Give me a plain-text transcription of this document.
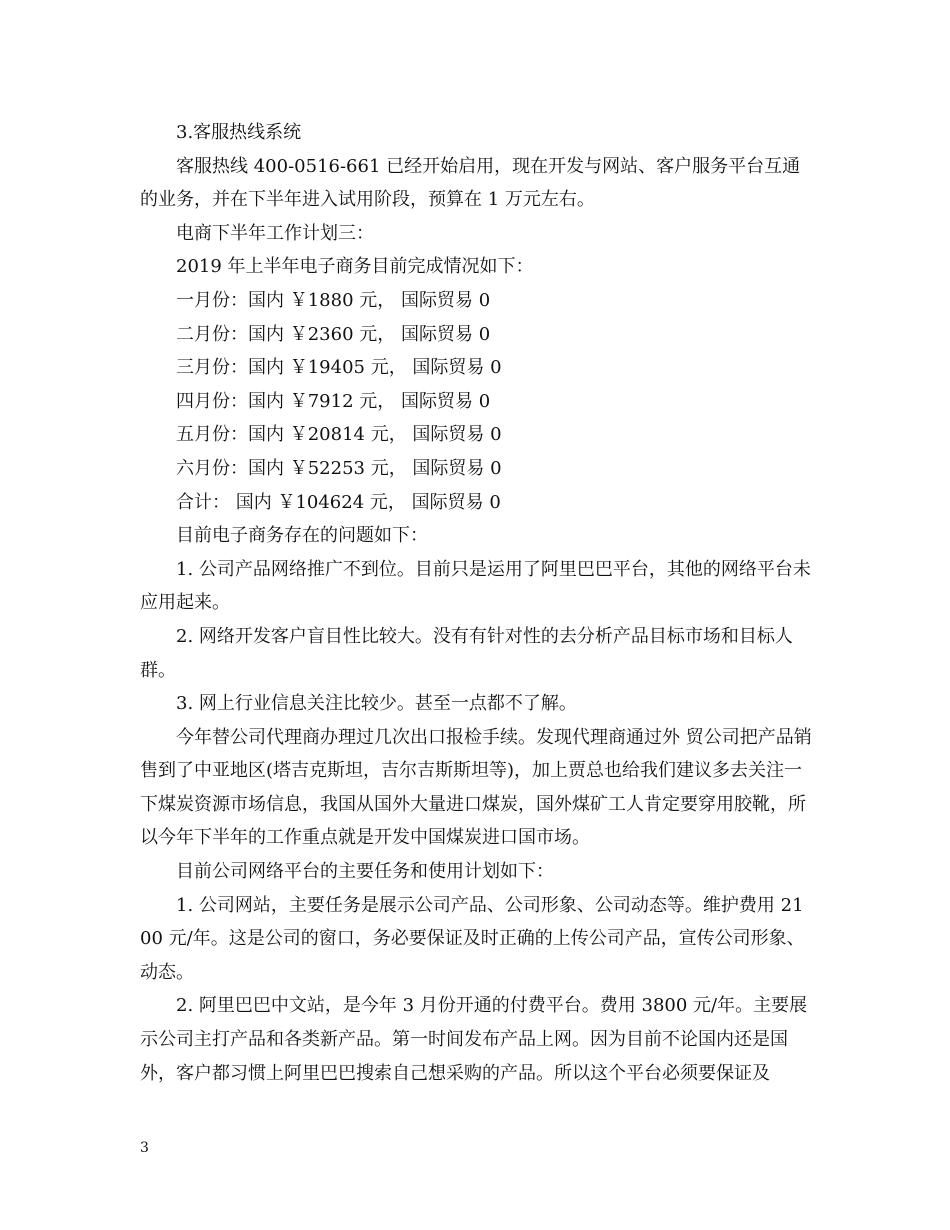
3.客服热线系统

客服热线 400-0516-661 已经开始启用，现在开发与网站、客户服务平台互通的业务，并在下半年进入试用阶段，预算在 1 万元左右。

电商下半年工作计划三：

2019 年上半年电子商务目前完成情况如下：

一月份：国内 ￥1880 元， 国际贸易 0

二月份：国内 ￥2360 元， 国际贸易 0

三月份：国内 ￥19405 元， 国际贸易 0

四月份：国内 ￥7912 元， 国际贸易 0

五月份：国内 ￥20814 元， 国际贸易 0

六月份：国内 ￥52253 元， 国际贸易 0

合计： 国内 ￥104624 元， 国际贸易 0

目前电子商务存在的问题如下：

1. 公司产品网络推广不到位。目前只是运用了阿里巴巴平台，其他的网络平台未应用起来。

2. 网络开发客户盲目性比较大。没有有针对性的去分析产品目标市场和目标人群。

3. 网上行业信息关注比较少。甚至一点都不了解。

今年替公司代理商办理过几次出口报检手续。发现代理商通过外 贸公司把产品销售到了中亚地区(塔吉克斯坦，吉尔吉斯斯坦等)，加上贾总也给我们建议多去关注一下煤炭资源市场信息，我国从国外大量进口煤炭，国外煤矿工人肯定要穿用胶靴，所以今年下半年的工作重点就是开发中国煤炭进口国市场。

目前公司网络平台的主要任务和使用计划如下：

1. 公司网站，主要任务是展示公司产品、公司形象、公司动态等。维护费用 2100 元/年。这是公司的窗口，务必要保证及时正确的上传公司产品，宣传公司形象、动态。

2. 阿里巴巴中文站，是今年 3 月份开通的付费平台。费用 3800 元/年。主要展示公司主打产品和各类新产品。第一时间发布产品上网。因为目前不论国内还是国外，客户都习惯上阿里巴巴搜索自己想采购的产品。所以这个平台必须要保证及

3
